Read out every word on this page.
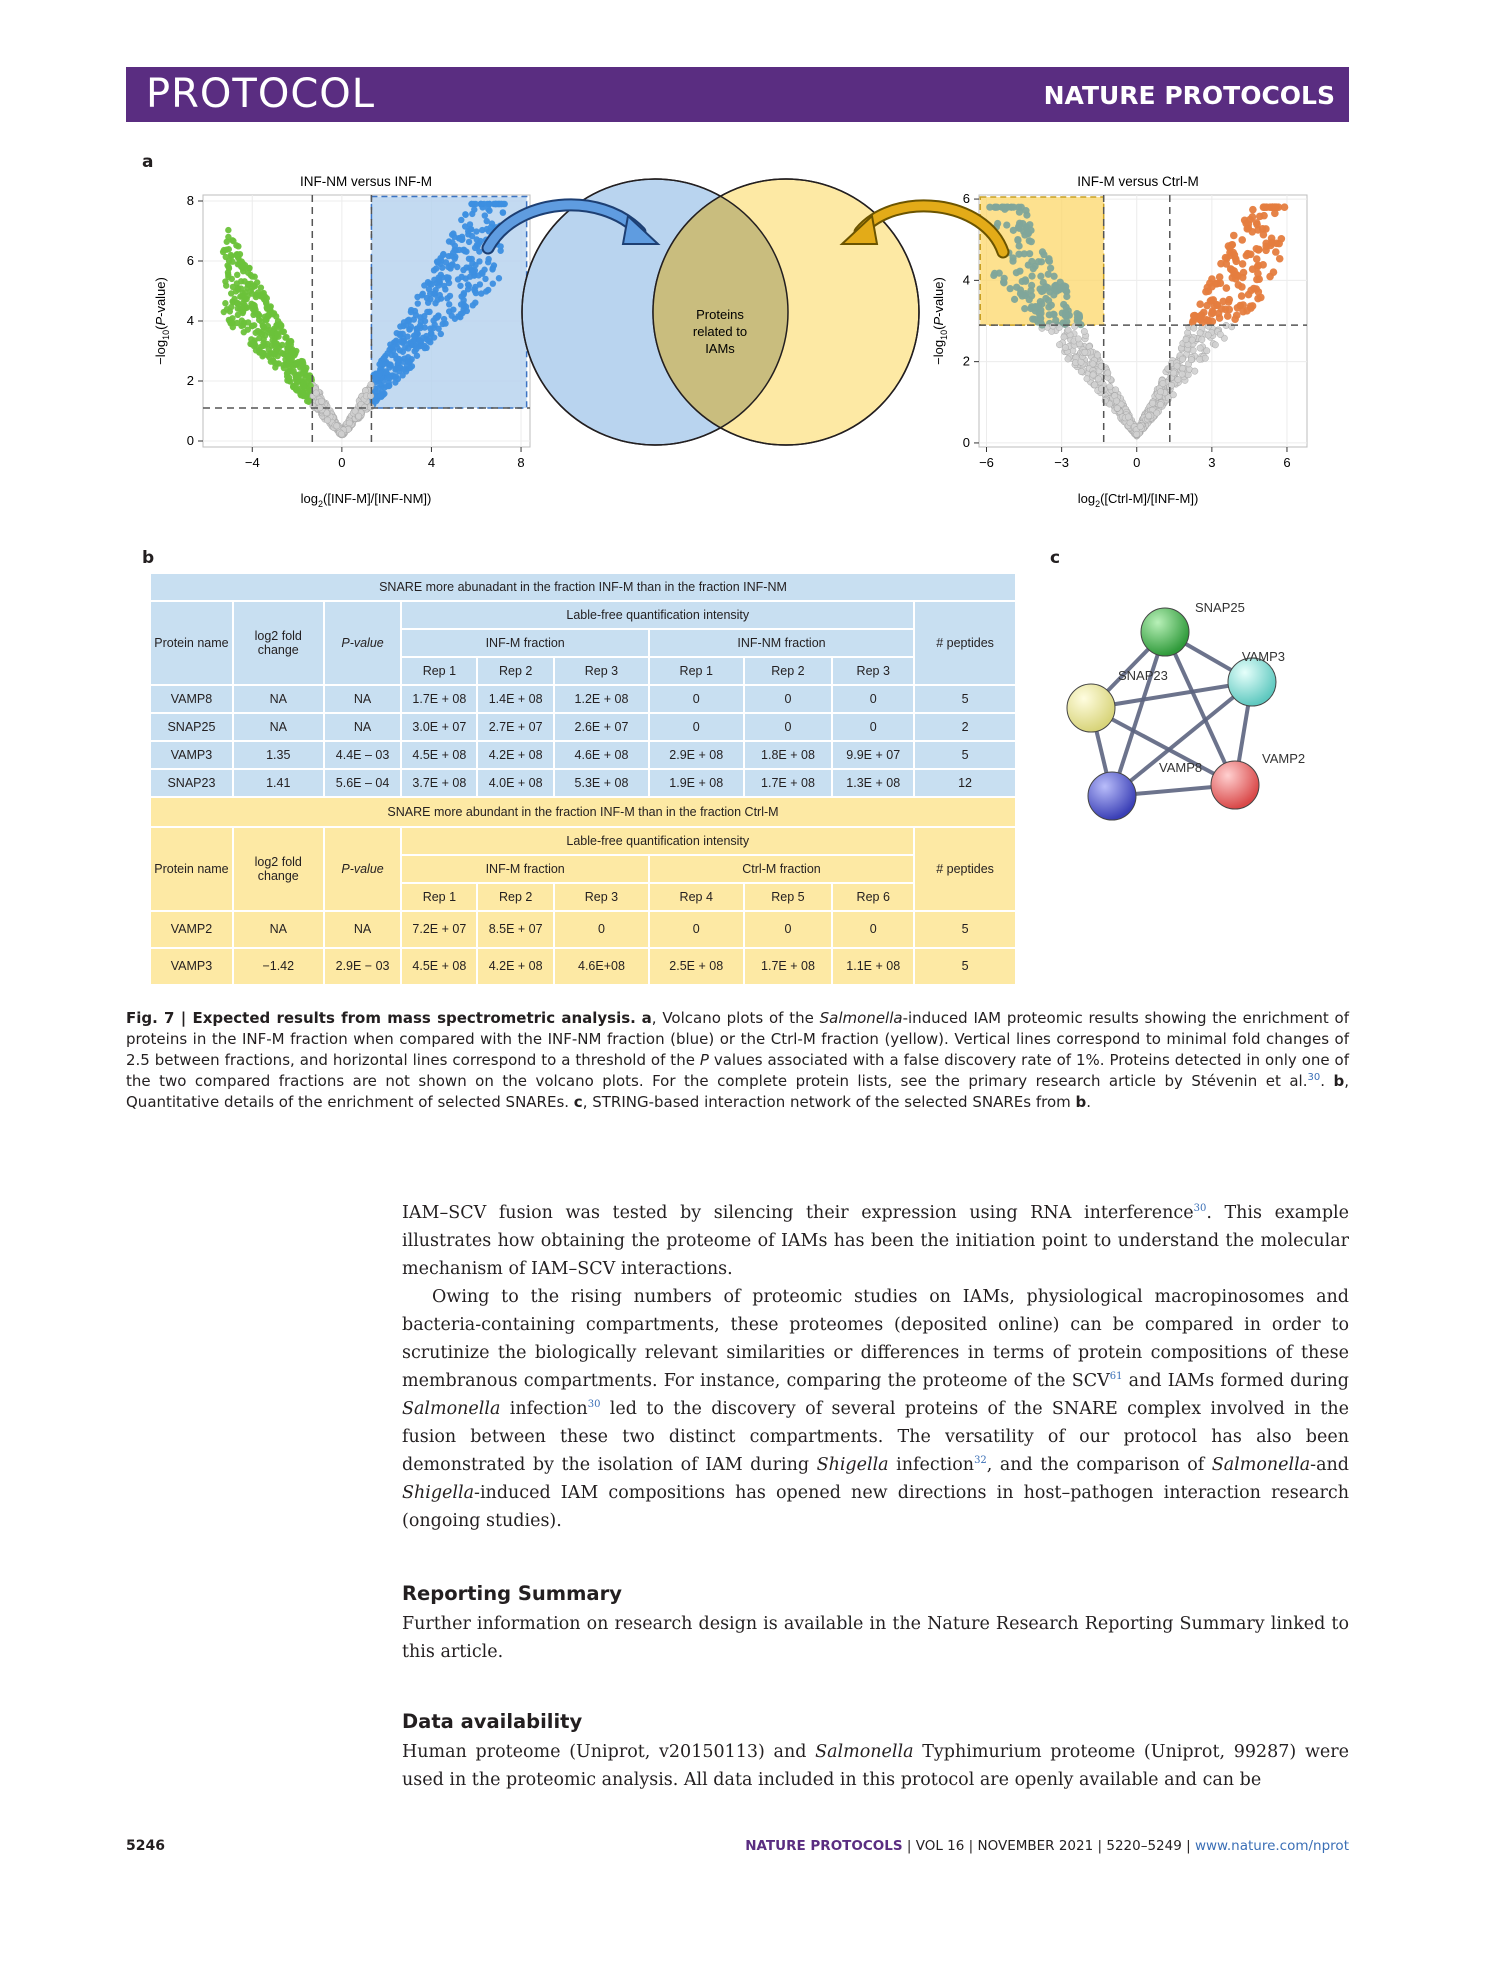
PROTOCOL	NATURE PROTOCOLS
a
b	c
−4	0	4	8
0
2
4
6
8
INF-NM versus INF-M
$\log_2([INF-M]/[INF-NM])$
$-\log_{10}(P-value)$
−6	−3	0	3	6
0
2
4
6
INF-M versus Ctrl-M
$\log_2([Ctrl-M]/[INF-M])$
$-\log_{10}(P-value)$
Proteins
related to
IAMs
SNARE more abunadant in the fraction INF-M than in the fraction INF-NM									
Protein name	log2 fold change	P-value	Lable-free quantification intensity						# peptides
			INF-M fraction			INF-NM fraction			
			Rep 1	Rep 2	Rep 3	Rep 1	Rep 2	Rep 3	
VAMP8	NA	NA	1.7E + 08	1.4E + 08	1.2E + 08	0	0	0	5
SNAP25	NA	NA	3.0E + 07	2.7E + 07	2.6E + 07	0	0	0	2
VAMP3	1.35	4.4E – 03	4.5E + 08	4.2E + 08	4.6E + 08	2.9E + 08	1.8E + 08	9.9E + 07	5
SNAP23	1.41	5.6E – 04	3.7E + 08	4.0E + 08	5.3E + 08	1.9E + 08	1.7E + 08	1.3E + 08	12
SNARE more abundant in the fraction INF-M than in the fraction Ctrl-M									
Protein name	log2 fold change	P-value	Lable-free quantification intensity						# peptides
			INF-M fraction			Ctrl-M fraction			
			Rep 1	Rep 2	Rep 3	Rep 4	Rep 5	Rep 6	
VAMP2	NA	NA	7.2E + 07	8.5E + 07	0	0	0	0	5
VAMP3	−1.42	2.9E − 03	4.5E + 08	4.2E + 08	4.6E+08	2.5E + 08	1.7E + 08	1.1E + 08	5
SNAP25
VAMP3
SNAP23
VAMP2
VAMP8
Fig. 7 | Expected results from mass spectrometric analysis. a, Volcano plots of the Salmonella-induced IAM proteomic results showing the enrichment of proteins in the INF-M fraction when compared with the INF-NM fraction (blue) or the Ctrl-M fraction (yellow). Vertical lines correspond to minimal fold changes of 2.5 between fractions, and horizontal lines correspond to a threshold of the P values associated with a false discovery rate of 1%. Proteins detected in only one of the two compared fractions are not shown on the volcano plots. For the complete protein lists, see the primary research article by Stévenin et al.$^{30}$. b, Quantitative details of the enrichment of selected SNAREs. c, STRING-based interaction network of the selected SNAREs from b.

IAM–SCV fusion was tested by silencing their expression using RNA interference$^{30}$. This example illustrates how obtaining the proteome of IAMs has been the initiation point to understand the molecular mechanism of IAM–SCV interactions.

Owing to the rising numbers of proteomic studies on IAMs, physiological macropinosomes and bacteria-containing compartments, these proteomes (deposited online) can be compared in order to scrutinize the biologically relevant similarities or differences in terms of protein compositions of these membranous compartments. For instance, comparing the proteome of the SCV$^{61}$ and IAMs formed during Salmonella infection$^{30}$ led to the discovery of several proteins of the SNARE complex involved in the fusion between these two distinct compartments. The versatility of our protocol has also been demonstrated by the isolation of IAM during Shigella infection$^{32}$, and the comparison of Salmonella-and Shigella-induced IAM compositions has opened new directions in host–pathogen interaction research (ongoing studies).

Reporting Summary

Further information on research design is available in the Nature Research Reporting Summary linked to this article.

Data availability

Human proteome (Uniprot, v20150113) and Salmonella Typhimurium proteome (Uniprot, 99287) were used in the proteomic analysis. All data included in this protocol are openly available and can be

5246	NATURE PROTOCOLS | VOL 16 | NOVEMBER 2021 | 5220–5249 | www.nature.com/nprot
